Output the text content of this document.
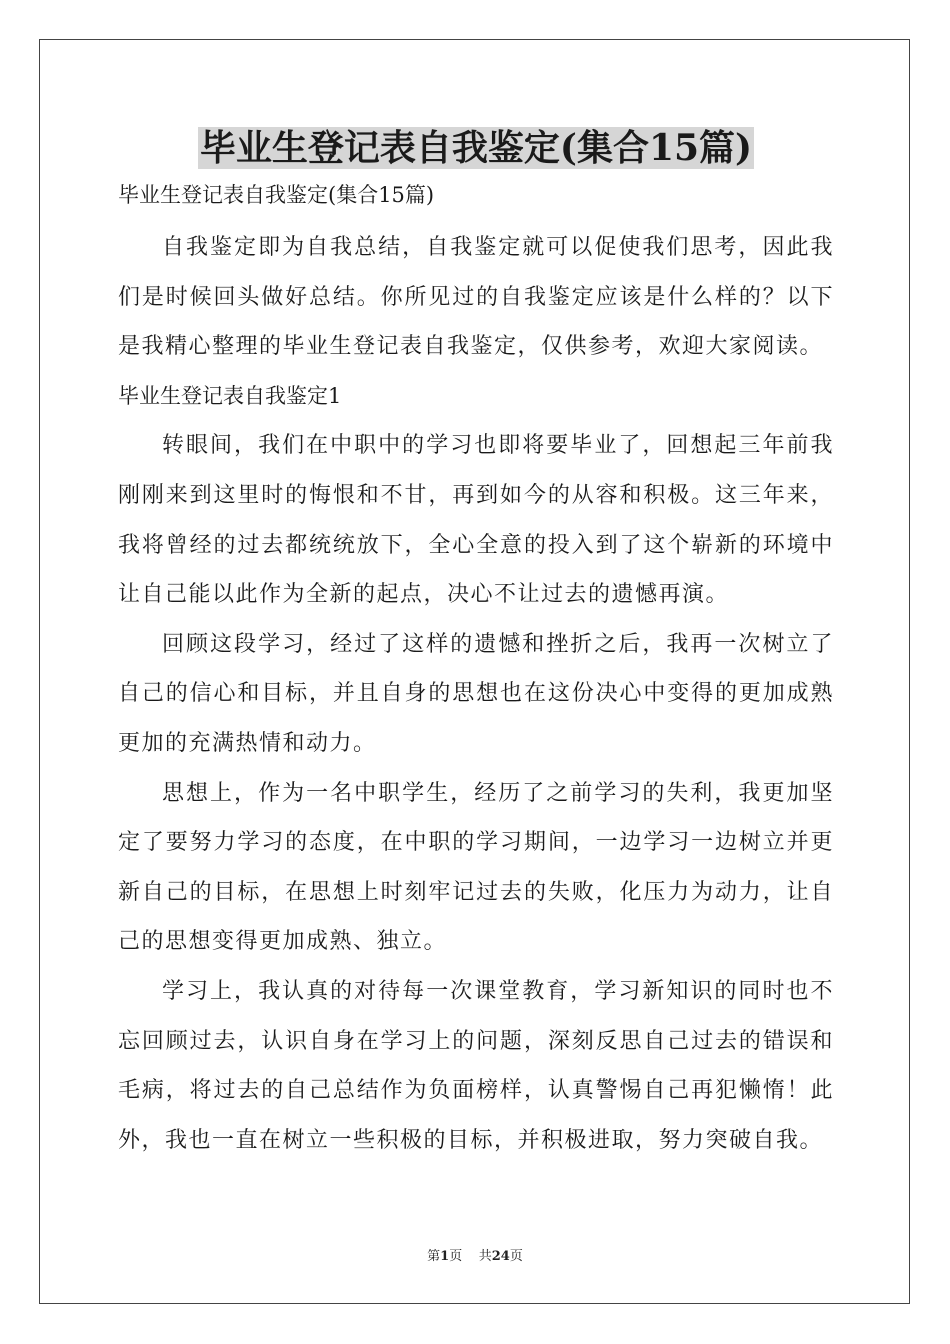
毕业生登记表自我鉴定(集合15篇)

毕业生登记表自我鉴定(集合15篇)

自我鉴定即为自我总结，自我鉴定就可以促使我们思考，因此我们是时候回头做好总结。你所见过的自我鉴定应该是什么样的？以下是我精心整理的毕业生登记表自我鉴定，仅供参考，欢迎大家阅读。

毕业生登记表自我鉴定1

转眼间，我们在中职中的学习也即将要毕业了，回想起三年前我刚刚来到这里时的悔恨和不甘，再到如今的从容和积极。这三年来，我将曾经的过去都统统放下，全心全意的投入到了这个崭新的环境中让自己能以此作为全新的起点，决心不让过去的遗憾再演。

回顾这段学习，经过了这样的遗憾和挫折之后，我再一次树立了自己的信心和目标，并且自身的思想也在这份决心中变得的更加成熟更加的充满热情和动力。

思想上，作为一名中职学生，经历了之前学习的失利，我更加坚定了要努力学习的态度，在中职的学习期间，一边学习一边树立并更新自己的目标，在思想上时刻牢记过去的失败，化压力为动力，让自己的思想变得更加成熟、独立。

学习上，我认真的对待每一次课堂教育，学习新知识的同时也不忘回顾过去，认识自身在学习上的问题，深刻反思自己过去的错误和毛病，将过去的自己总结作为负面榜样，认真警惕自己再犯懒惰！此外，我也一直在树立一些积极的目标，并积极进取，努力突破自我。

第1页 共24页
